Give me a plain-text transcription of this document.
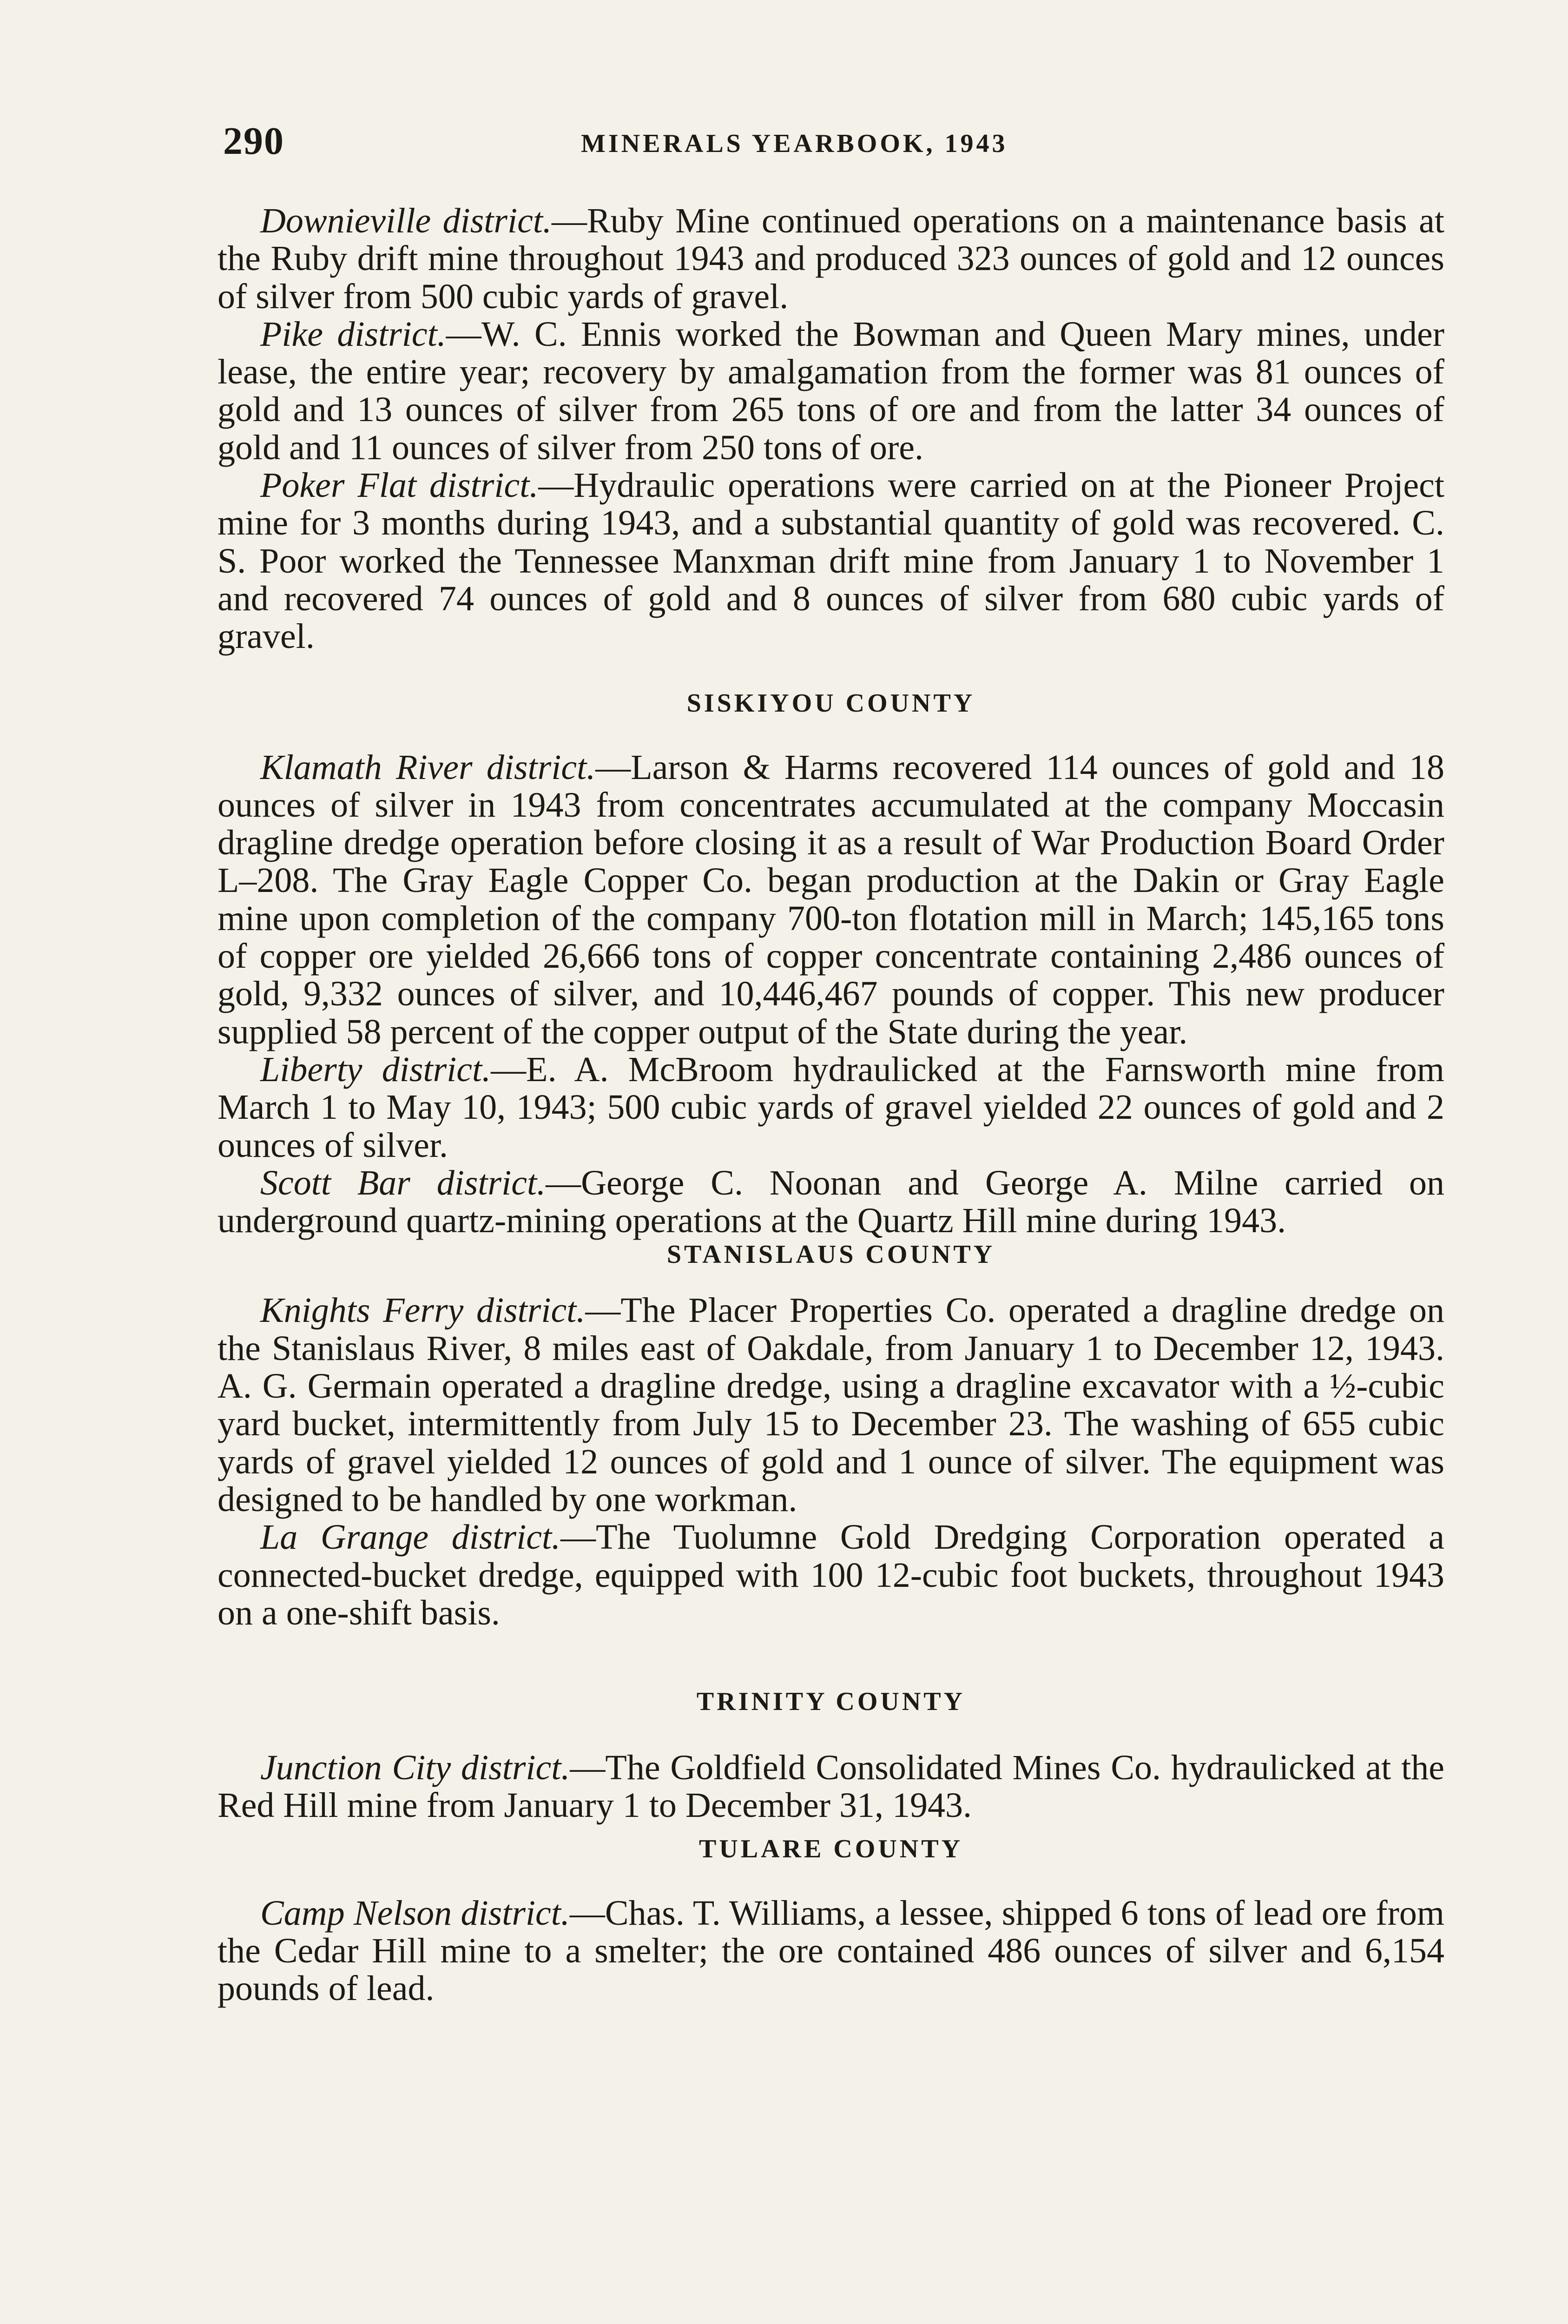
290	MINERALS YEARBOOK, 1943

Downieville district.—Ruby Mine continued operations on a maintenance basis at the Ruby drift mine throughout 1943 and produced 323 ounces of gold and 12 ounces of silver from 500 cubic yards of gravel.

Pike district.—W. C. Ennis worked the Bowman and Queen Mary mines, under lease, the entire year; recovery by amalgamation from the former was 81 ounces of gold and 13 ounces of silver from 265 tons of ore and from the latter 34 ounces of gold and 11 ounces of silver from 250 tons of ore.

Poker Flat district.—Hydraulic operations were carried on at the Pioneer Project mine for 3 months during 1943, and a substantial quantity of gold was recovered. C. S. Poor worked the Tennessee Manxman drift mine from January 1 to November 1 and recovered 74 ounces of gold and 8 ounces of silver from 680 cubic yards of gravel.

SISKIYOU COUNTY

Klamath River district.—Larson & Harms recovered 114 ounces of gold and 18 ounces of silver in 1943 from concentrates accumulated at the company Moccasin dragline dredge operation before closing it as a result of War Production Board Order L–208. The Gray Eagle Copper Co. began production at the Dakin or Gray Eagle mine upon completion of the company 700-ton flotation mill in March; 145,165 tons of copper ore yielded 26,666 tons of copper concentrate containing 2,486 ounces of gold, 9,332 ounces of silver, and 10,446,467 pounds of copper. This new producer supplied 58 percent of the copper output of the State during the year.

Liberty district.—E. A. McBroom hydraulicked at the Farnsworth mine from March 1 to May 10, 1943; 500 cubic yards of gravel yielded 22 ounces of gold and 2 ounces of silver.

Scott Bar district.—George C. Noonan and George A. Milne carried on underground quartz-mining operations at the Quartz Hill mine during 1943.

STANISLAUS COUNTY

Knights Ferry district.—The Placer Properties Co. operated a dragline dredge on the Stanislaus River, 8 miles east of Oakdale, from January 1 to December 12, 1943. A. G. Germain operated a dragline dredge, using a dragline excavator with a ½-cubic yard bucket, intermittently from July 15 to December 23. The washing of 655 cubic yards of gravel yielded 12 ounces of gold and 1 ounce of silver. The equipment was designed to be handled by one workman.

La Grange district.—The Tuolumne Gold Dredging Corporation operated a connected-bucket dredge, equipped with 100 12-cubic foot buckets, throughout 1943 on a one-shift basis.

TRINITY COUNTY

Junction City district.—The Goldfield Consolidated Mines Co. hydraulicked at the Red Hill mine from January 1 to December 31, 1943.

TULARE COUNTY

Camp Nelson district.—Chas. T. Williams, a lessee, shipped 6 tons of lead ore from the Cedar Hill mine to a smelter; the ore contained 486 ounces of silver and 6,154 pounds of lead.
